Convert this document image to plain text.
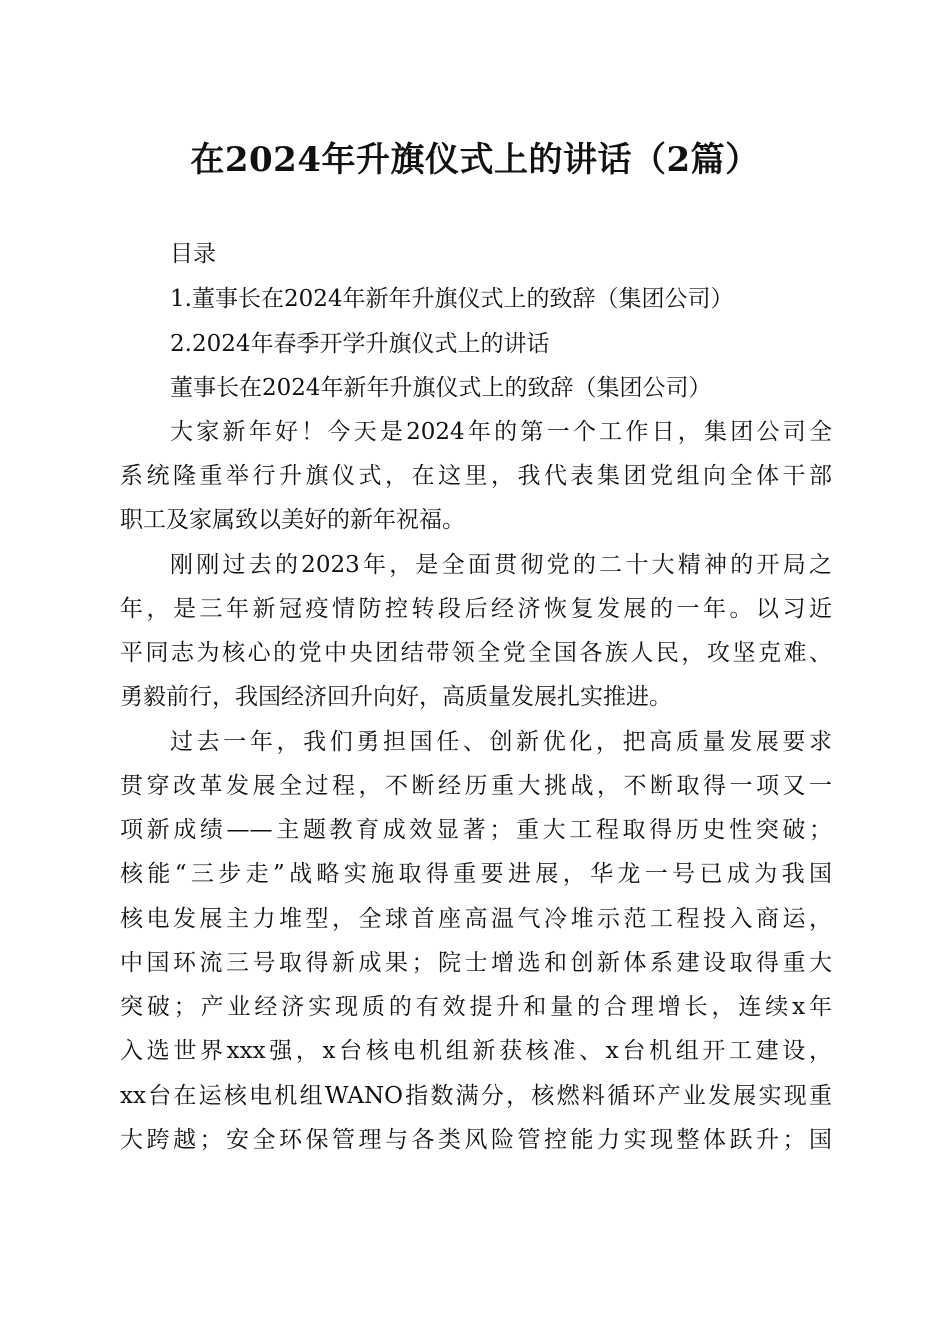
在2024年升旗仪式上的讲话（2篇）
目录
1.董事长在2024年新年升旗仪式上的致辞（集团公司）
2.2024年春季开学升旗仪式上的讲话
董事长在2024年新年升旗仪式上的致辞（集团公司）
大家新年好！今天是2024年的第一个工作日，集团公司全
系统隆重举行升旗仪式，在这里，我代表集团党组向全体干部
职工及家属致以美好的新年祝福。
刚刚过去的2023年，是全面贯彻党的二十大精神的开局之
年，是三年新冠疫情防控转段后经济恢复发展的一年。以习近
平同志为核心的党中央团结带领全党全国各族人民，攻坚克难、
勇毅前行，我国经济回升向好，高质量发展扎实推进。
过去一年，我们勇担国任、创新优化，把高质量发展要求
贯穿改革发展全过程，不断经历重大挑战，不断取得一项又一
项新成绩——主题教育成效显著；重大工程取得历史性突破；
核能“三步走”战略实施取得重要进展，华龙一号已成为我国
核电发展主力堆型，全球首座高温气冷堆示范工程投入商运，
中国环流三号取得新成果；院士增选和创新体系建设取得重大
突破；产业经济实现质的有效提升和量的合理增长，连续x年
入选世界xxx强，x台核电机组新获核准、x台机组开工建设，
xx台在运核电机组WANO指数满分，核燃料循环产业发展实现重
大跨越；安全环保管理与各类风险管控能力实现整体跃升；国
